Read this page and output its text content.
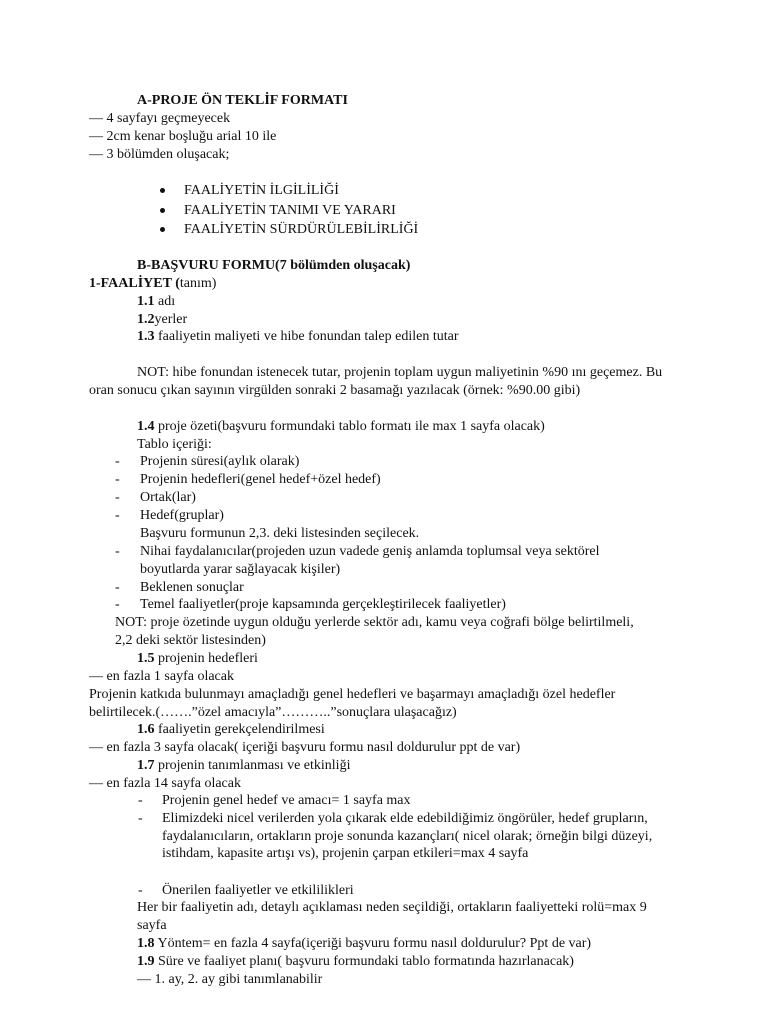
A-PROJE ÖN TEKLİF FORMATI
— 4 sayfayı geçmeyecek
— 2cm kenar boşluğu arial 10 ile
— 3 bölümden oluşacak;
FAALİYETİN İLGİLİLİĞİ
FAALİYETİN TANIMI VE YARARI
FAALİYETİN SÜRDÜRÜLEBİLİRLİĞİ
B-BAŞVURU FORMU(7 bölümden oluşacak)
1-FAALİYET (tanım)
1.1 adı
1.2yerler
1.3 faaliyetin maliyeti ve hibe fonundan talep edilen tutar
NOT: hibe fonundan istenecek tutar, projenin toplam uygun maliyetinin %90 ını geçemez. Bu oran sonucu çıkan sayının virgülden sonraki 2 basamağı yazılacak (örnek: %90.00 gibi)
1.4 proje özeti(başvuru formundaki tablo formatı ile max 1 sayfa olacak)
Tablo içeriği:
- Projenin süresi(aylık olarak)
- Projenin hedefleri(genel hedef+özel hedef)
- Ortak(lar)
- Hedef(gruplar)
Başvuru formunun 2,3. deki listesinden seçilecek.
- Nihai faydalanıcılar(projeden uzun vadede geniş anlamda toplumsal veya sektörel boyutlarda yarar sağlayacak kişiler)
- Beklenen sonuçlar
- Temel faaliyetler(proje kapsamında gerçekleştirilecek faaliyetler)
NOT: proje özetinde uygun olduğu yerlerde sektör adı, kamu veya coğrafi bölge belirtilmeli, 2,2 deki sektör listesinden)
1.5 projenin hedefleri
— en fazla 1 sayfa olacak
Projenin katkıda bulunmayı amaçladığı genel hedefleri ve başarmayı amaçladığı özel hedefler belirtilecek.(…….”özel amacıyla”………..”sonuçlara ulaşacağız)
1.6 faaliyetin gerekçelendirilmesi
— en fazla 3 sayfa olacak( içeriği başvuru formu nasıl doldurulur ppt de var)
1.7 projenin tanımlanması ve etkinliği
— en fazla 14 sayfa olacak
- Projenin genel hedef ve amacı= 1 sayfa max
- Elimizdeki nicel verilerden yola çıkarak elde edebildiğimiz öngörüler, hedef grupların, faydalanıcıların, ortakların proje sonunda kazançları( nicel olarak; örneğin bilgi düzeyi, istihdam, kapasite artışı vs), projenin çarpan etkileri=max 4 sayfa
- Önerilen faaliyetler ve etkililikleri
Her bir faaliyetin adı, detaylı açıklaması neden seçildiği, ortakların faaliyetteki rolü=max 9 sayfa
1.8 Yöntem= en fazla 4 sayfa(içeriği başvuru formu nasıl doldurulur? Ppt de var)
1.9 Süre ve faaliyet planı( başvuru formundaki tablo formatında hazırlanacak)
— 1. ay, 2. ay gibi tanımlanabilir
